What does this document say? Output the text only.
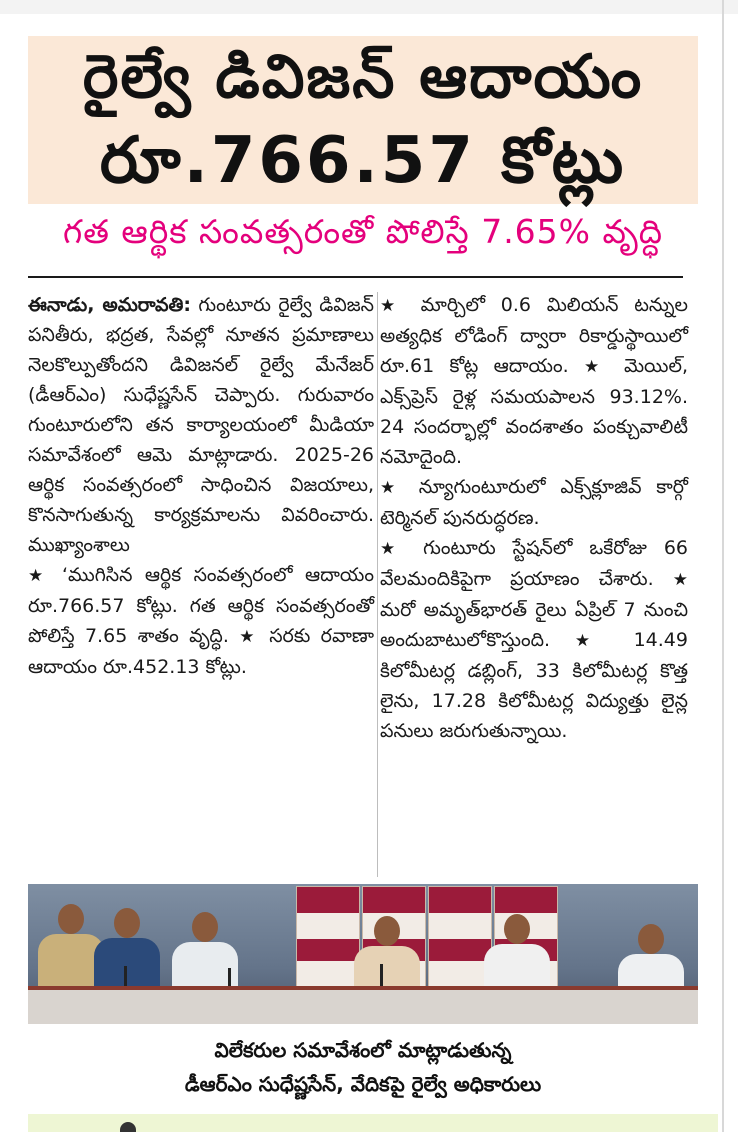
రైల్వే డివిజన్ ఆదాయం
రూ.766.57 కోట్లు
గత ఆర్థిక సంవత్సరంతో పోలిస్తే 7.65% వృద్ధి

ఈనాడు, అమరావతి: గుంటూరు రైల్వే డివిజన్ పనితీరు, భద్రత, సేవల్లో నూతన ప్రమాణాలు నెలకొల్పుతోందని డివిజనల్ రైల్వే మేనేజర్ (డీఆర్ఎం) సుధేష్ణసేన్ చెప్పారు. గురువారం గుంటూరులోని తన కార్యాలయంలో మీడియా సమావేశంలో ఆమె మాట్లాడారు. 2025-26 ఆర్థిక సంవత్సరంలో సాధించిన విజయాలు, కొనసాగుతున్న కార్యక్రమాలను వివరించారు. ముఖ్యాంశాలు

★ ‘ముగిసిన ఆర్థిక సంవత్సరంలో ఆదాయం రూ.766.57 కోట్లు. గత ఆర్థిక సంవత్సరంతో పోలిస్తే 7.65 శాతం వృద్ధి. ★ సరకు రవాణా ఆదాయం రూ.452.13 కోట్లు.

★ మార్చిలో 0.6 మిలియన్ టన్నుల అత్యధిక లోడింగ్ ద్వారా రికార్డుస్థాయిలో రూ.61 కోట్ల ఆదాయం. ★ మెయిల్, ఎక్స్‌ప్రెస్ రైళ్ల సమయపాలన 93.12%. 24 సందర్భాల్లో వందశాతం పంక్చువాలిటీ నమోదైంది.

★ న్యూగుంటూరులో ఎక్స్‌క్లూజివ్ కార్గో టెర్మినల్ పునరుద్ధరణ.

★ గుంటూరు స్టేషన్‌లో ఒకేరోజు 66 వేలమందికిపైగా ప్రయాణం చేశారు. ★ మరో అమృత్‌భారత్ రైలు ఏప్రిల్ 7 నుంచి అందుబాటులోకొస్తుంది. ★ 14.49 కిలోమీటర్ల డబ్లింగ్, 33 కిలోమీటర్ల కొత్త లైను, 17.28 కిలోమీటర్ల విద్యుత్తు లైన్ల పనులు జరుగుతున్నాయి.

విలేకరుల సమావేశంలో మాట్లాడుతున్న
డీఆర్ఎం సుధేష్ణసేన్, వేదికపై రైల్వే అధికారులు
